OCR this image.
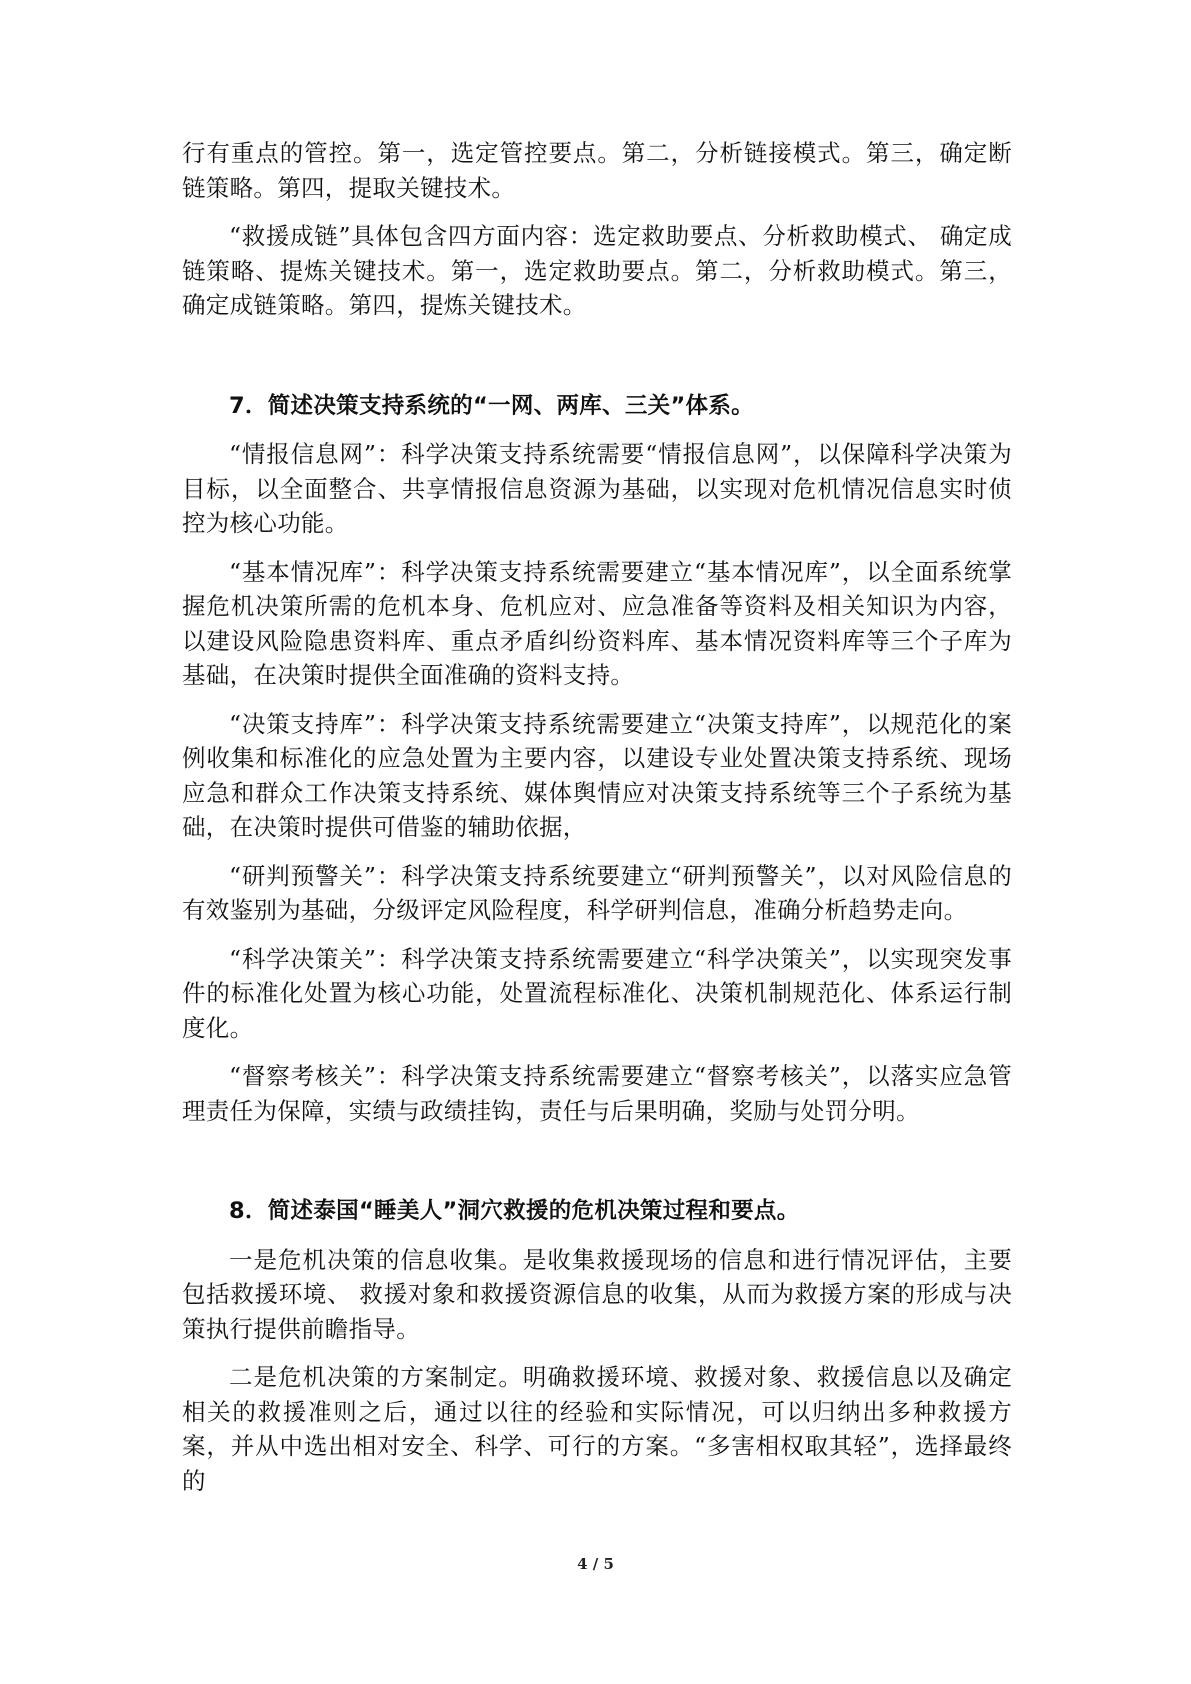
行有重点的管控。第一，选定管控要点。第二，分析链接模式。第三，确定断链策略。第四，提取关键技术。

“救援成链”具体包含四方面内容：选定救助要点、分析救助模式、 确定成链策略、提炼关键技术。第一，选定救助要点。第二，分析救助模式。第三，确定成链策略。第四，提炼关键技术。

7．简述决策支持系统的“一网、两库、三关”体系。

“情报信息网”：科学决策支持系统需要“情报信息网”，以保障科学决策为目标，以全面整合、共享情报信息资源为基础，以实现对危机情况信息实时侦控为核心功能。

“基本情况库”：科学决策支持系统需要建立“基本情况库”，以全面系统掌握危机决策所需的危机本身、危机应对、应急准备等资料及相关知识为内容，以建设风险隐患资料库、重点矛盾纠纷资料库、基本情况资料库等三个子库为基础，在决策时提供全面准确的资料支持。

“决策支持库”：科学决策支持系统需要建立“决策支持库”，以规范化的案例收集和标准化的应急处置为主要内容，以建设专业处置决策支持系统、现场应急和群众工作决策支持系统、媒体舆情应对决策支持系统等三个子系统为基础，在决策时提供可借鉴的辅助依据，

“研判预警关”：科学决策支持系统要建立“研判预警关”，以对风险信息的有效鉴别为基础，分级评定风险程度，科学研判信息，准确分析趋势走向。

“科学决策关”：科学决策支持系统需要建立“科学决策关”，以实现突发事件的标准化处置为核心功能，处置流程标准化、决策机制规范化、体系运行制度化。

“督察考核关”：科学决策支持系统需要建立“督察考核关”，以落实应急管理责任为保障，实绩与政绩挂钩，责任与后果明确，奖励与处罚分明。

8．简述泰国“睡美人”洞穴救援的危机决策过程和要点。

一是危机决策的信息收集。是收集救援现场的信息和进行情况评估，主要包括救援环境、 救援对象和救援资源信息的收集，从而为救援方案的形成与决策执行提供前瞻指导。

二是危机决策的方案制定。明确救援环境、救援对象、救援信息以及确定相关的救援准则之后，通过以往的经验和实际情况，可以归纳出多种救援方案，并从中选出相对安全、科学、可行的方案。“多害相权取其轻”，选择最终的

4 / 5
